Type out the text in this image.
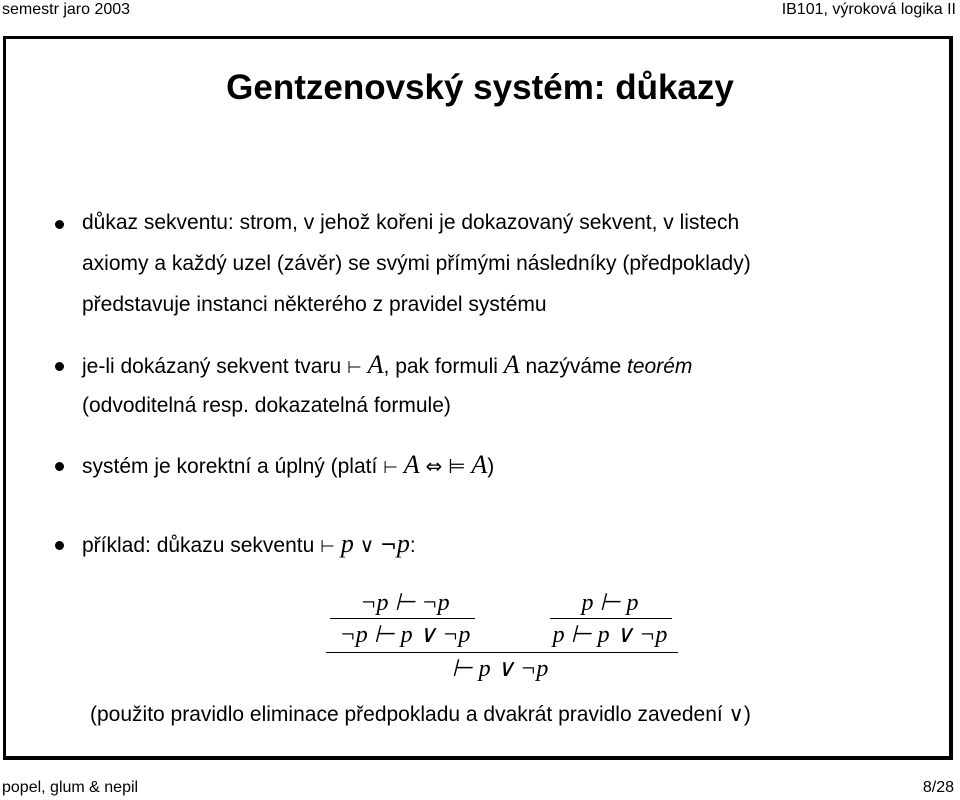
semestr jaro 2003	IB101, výroková logika II
Gentzenovský systém: důkazy
důkaz sekventu: strom, v jehož kořeni je dokazovaný sekvent, v listech
axiomy a každý uzel (závěr) se svými přímými následníky (předpoklady)
představuje instanci některého z pravidel systému
je-li dokázaný sekvent tvaru ⊢ A, pak formuli A nazýváme teorém
(odvoditelná resp. dokazatelná formule)
systém je korektní a úplný (platí ⊢ A ⇔ ⊨ A)
příklad: důkazu sekventu ⊢ p ∨ ¬p:
¬p ⊢ ¬p
¬p ⊢ p ∨ ¬p
p ⊢ p
p ⊢ p ∨ ¬p
⊢ p ∨ ¬p
(použito pravidlo eliminace předpokladu a dvakrát pravidlo zavedení ∨)
popel, glum & nepil	8/28
